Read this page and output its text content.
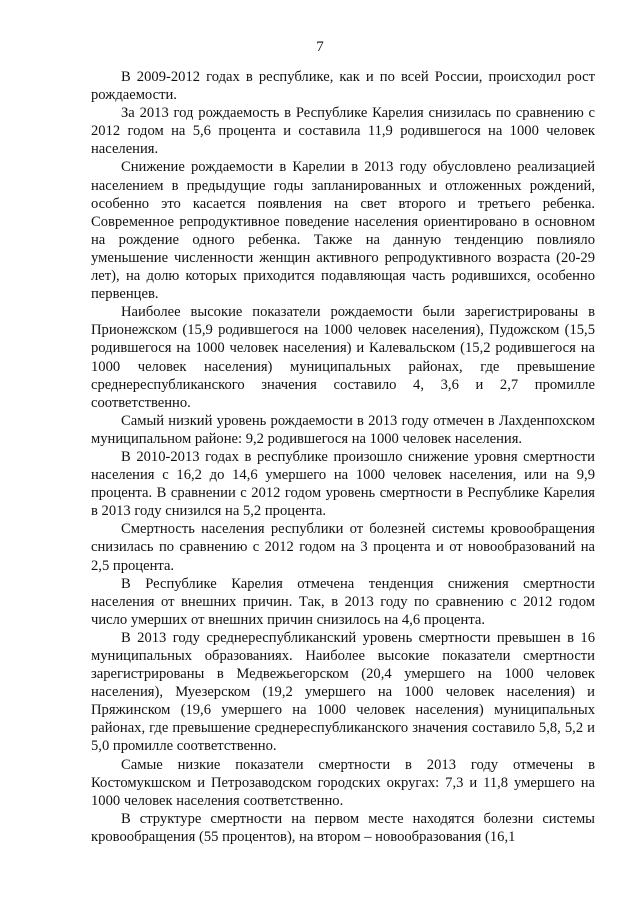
7

В 2009-2012 годах в республике, как и по всей России, происходил рост рождаемости.

За 2013 год рождаемость в Республике Карелия снизилась по сравнению с 2012 годом на 5,6 процента и составила 11,9 родившегося на 1000 человек населения.

Снижение рождаемости в Карелии в 2013 году обусловлено реализацией населением в предыдущие годы запланированных и отложенных рождений, особенно это касается появления на свет второго и третьего ребенка. Современное репродуктивное поведение населения ориентировано в основном на рождение одного ребенка. Также на данную тенденцию повлияло уменьшение численности женщин активного репродуктивного возраста (20-29 лет), на долю которых приходится подавляющая часть родившихся, особенно первенцев.

Наиболее высокие показатели рождаемости были зарегистрированы в Прионежском (15,9 родившегося на 1000 человек населения), Пудожском (15,5 родившегося на 1000 человек населения) и Калевальском (15,2 родившегося на 1000 человек населения) муниципальных районах, где превышение среднереспубликанского значения составило 4, 3,6 и 2,7 промилле соответственно.

Самый низкий уровень рождаемости в 2013 году отмечен в Лахденпохском муниципальном районе: 9,2 родившегося на 1000 человек населения.

В 2010-2013 годах в республике произошло снижение уровня смертности населения с 16,2 до 14,6 умершего на 1000 человек населения, или на 9,9 процента. В сравнении с 2012 годом уровень смертности в Республике Карелия в 2013 году снизился на 5,2 процента.

Смертность населения республики от болезней системы кровообращения снизилась по сравнению с 2012 годом на 3 процента и от новообразований на 2,5 процента.

В Республике Карелия отмечена тенденция снижения смертности населения от внешних причин. Так, в 2013 году по сравнению с 2012 годом число умерших от внешних причин снизилось на 4,6 процента.

В 2013 году среднереспубликанский уровень смертности превышен в 16 муниципальных образованиях. Наиболее высокие показатели смертности зарегистрированы в Медвежьегорском (20,4 умершего на 1000 человек населения), Муезерском (19,2 умершего на 1000 человек населения) и Пряжинском (19,6 умершего на 1000 человек населения) муниципальных районах, где превышение среднереспубликанского значения составило 5,8, 5,2 и 5,0 промилле соответственно.

Самые низкие показатели смертности в 2013 году отмечены в Костомукшском и Петрозаводском городских округах: 7,3 и 11,8 умершего на 1000 человек населения соответственно.

В структуре смертности на первом месте находятся болезни системы кровообращения (55 процентов), на втором – новообразования (16,1
